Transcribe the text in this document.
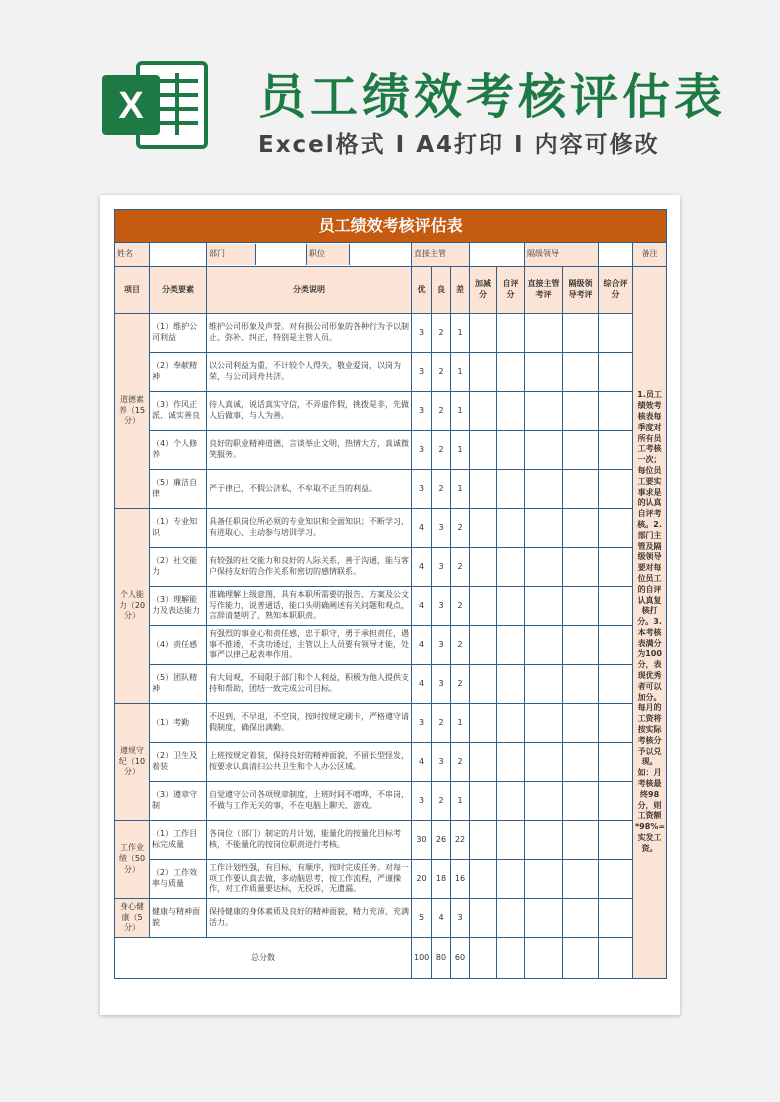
X 员工绩效考核评估表
Excel格式 I A4打印 I 内容可修改
员工绩效考核评估表												
姓名		部门 职位	直接主管					隔级领导			备注	
项目	分类要素	分类说明	优	良	差	加减分	自评分	直接主管考评	隔级领导考评	综合评分	1.员工绩效考核表每季度对所有员工考核一次；每位员工要实事求是的认真自评考核。2.部门主管及隔级领导要对每位员工的自评认真复核打分。3.本考核表满分为100分，表现优秀者可以加分。每月的工资将按实际考核分予以兑现。如：月考核最终98分，则工资额*98%=实发工资。	
道德素养（15分）	（1）维护公司利益	维护公司形象及声誉。对有损公司形象的各种行为予以制止、弥补、纠正，特别是主管人员。	3	2	1							
	（2）奉献精神	以公司利益为重，不计较个人得失，敬业爱岗，以岗为荣，与公司同舟共济。	3	2	1							
	（3）作风正派、诚实善良	待人真诚，说话真实守信，不弄虚作假，挑拨是非，先做人后做事，与人为善。	3	2	1							
	（4）个人修养	良好的职业精神道德，言谈举止文明，热情大方，真诚微笑服务。	3	2	1							
	（5）廉洁自律	严于律已，不假公济私，不牟取不正当的利益。	3	2	1							
个人能力（20分）	（1）专业知识	具备任职岗位所必须的专业知识和全面知识；不断学习，有进取心、主动参与培训学习。	4	3	2							
	（2）社交能力	有较强的社交能力和良好的人际关系，善于沟通，能与客户保持友好的合作关系和密切的感情联系。	4	3	2							
	（3）理解能力及表达能力	准确理解上级意图，具有本职所需要的报告、方案及公文写作能力，说普通话，能口头明确阐述有关问题和观点，言辞清楚明了，熟知本职职责。	4	3	2							
	（4）责任感	有强烈的事业心和责任感，忠于职守，勇于承担责任，遇事不推诿，不贪功诿过，主管以上人员要有领导才能，处事严以律己起表率作用。	4	3	2							
	（5）团队精神	有大局观，不局限于部门和个人利益，积极为他人提供支持和帮助，团结一致完成公司目标。	4	3	2							
遵规守纪（10分）	（1）考勤	不迟到，不早退，不空岗，按时按规定刷卡，严格遵守请假制度，确保出满勤。	3	2	1							
	（2）卫生及着装	上班按规定着装，保持良好的精神面貌，不留长型怪发，按要求认真清扫公共卫生和个人办公区域。	4	3	2							
	（3）遵章守制	自觉遵守公司各项规章制度，上班时间不嘻哗，不串岗，不做与工作无关的事，不在电脑上聊天、游戏。	3	2	1							
工作业绩（50分）	（1）工作目标完成量	各岗位（部门）制定的月计划，能量化的按量化目标考核，不能量化的按岗位职责进行考核。	30	26	22							
	（2）工作效率与质量	工作计划性强，有目标，有顺序，按时完成任务。对每一项工作要认真去做，多动脑思考，按工作流程，严谨操作，对工作质量要达标，无投诉，无遗漏。	20	18	16							
身心健康（5分）	健康与精神面貌	保持健康的身体素质及良好的精神面貌，精力充沛，充满活力。	5	4	3							
总分数			100	80	60							
